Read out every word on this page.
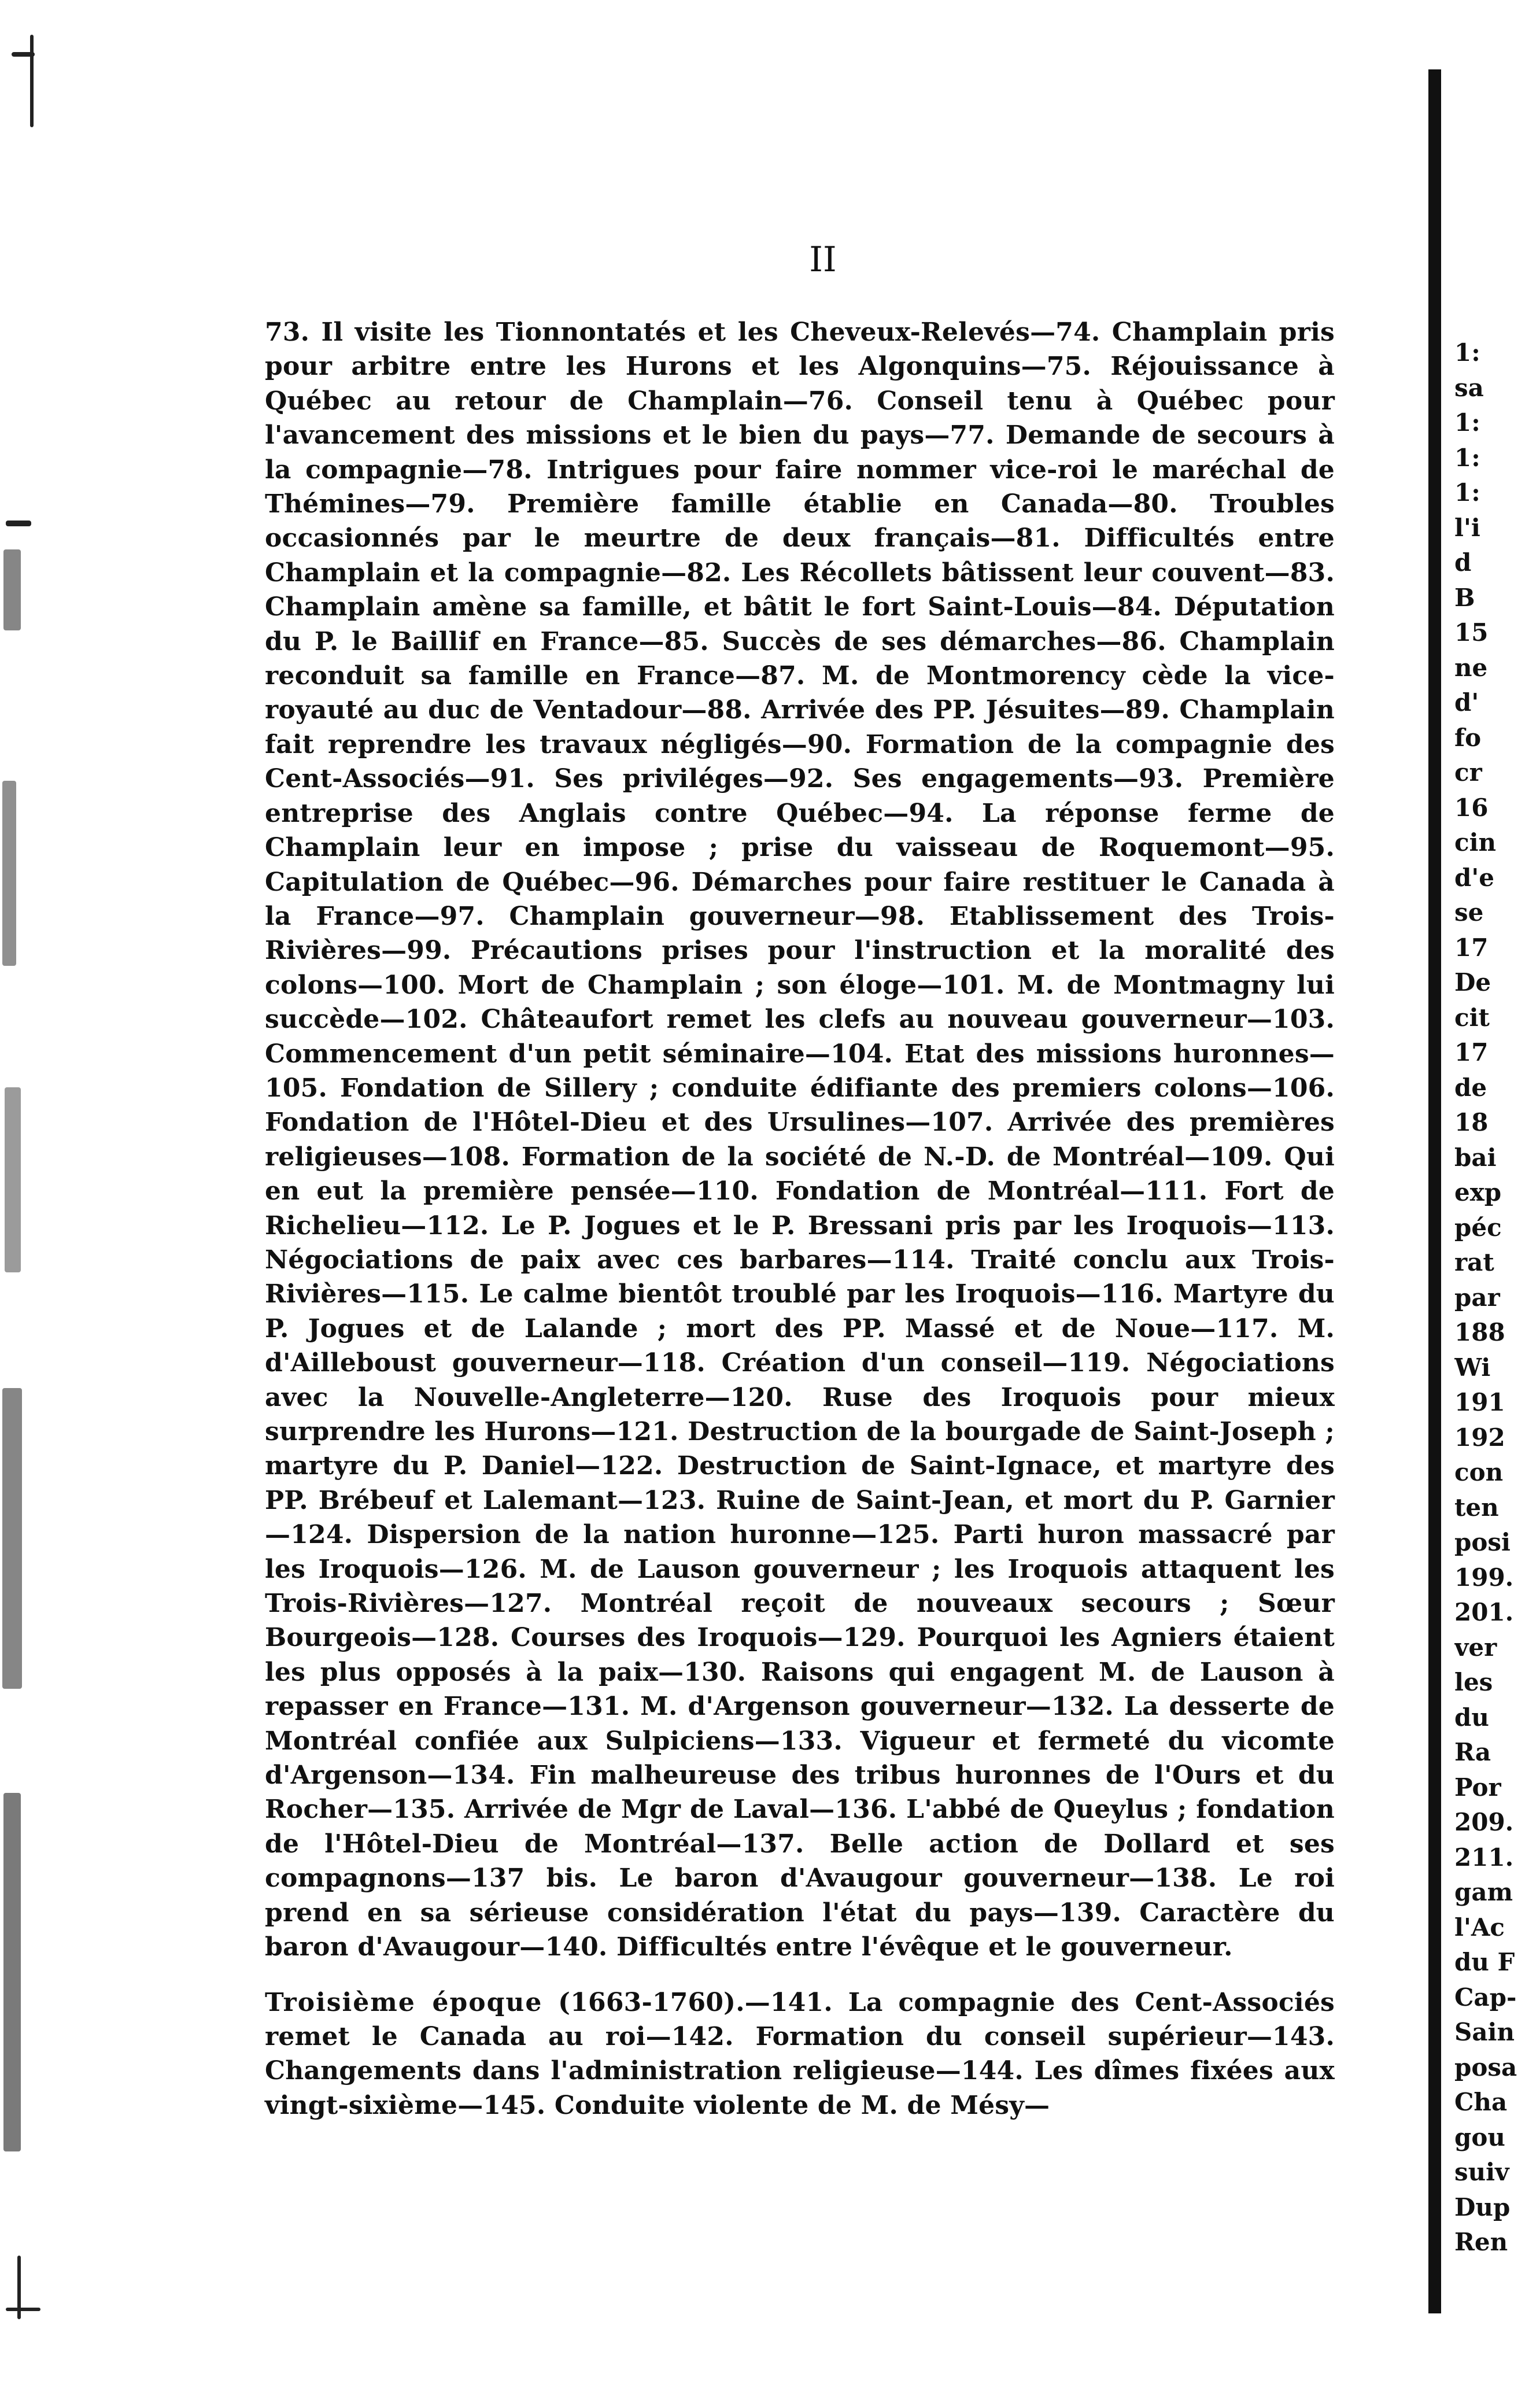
II

73. Il visite les Tionnontatés et les Cheveux-Relevés—74. Champlain pris pour arbitre entre les Hurons et les Algonquins—75. Réjouissance à Québec au retour de Champlain—76. Conseil tenu à Québec pour l'avancement des missions et le bien du pays—77. Demande de secours à la compagnie—78. Intrigues pour faire nommer vice-roi le maréchal de Thémines—79. Première famille établie en Canada—80. Troubles occasionnés par le meurtre de deux français—81. Difficultés entre Champlain et la compagnie—82. Les Récollets bâtissent leur couvent—83. Champlain amène sa famille, et bâtit le fort Saint-Louis—84. Députation du P. le Baillif en France—85. Succès de ses démarches—86. Champlain reconduit sa famille en France—87. M. de Montmorency cède la vice-royauté au duc de Ventadour—88. Arrivée des PP. Jésuites—89. Champlain fait reprendre les travaux négligés—90. Formation de la compagnie des Cent-Associés—91. Ses priviléges—92. Ses engagements—93. Première entreprise des Anglais contre Québec—94. La réponse ferme de Champlain leur en impose ; prise du vaisseau de Roquemont—95. Capitulation de Québec—96. Démarches pour faire restituer le Canada à la France—97. Champlain gouverneur—98. Etablissement des Trois-Rivières—99. Précautions prises pour l'instruction et la moralité des colons—100. Mort de Champlain ; son éloge—101. M. de Montmagny lui succède—102. Châteaufort remet les clefs au nouveau gouverneur—103. Commencement d'un petit séminaire—104. Etat des missions huronnes—105. Fondation de Sillery ; conduite édifiante des premiers colons—106. Fondation de l'Hôtel-Dieu et des Ursulines—107. Arrivée des premières religieuses—108. Formation de la société de N.-D. de Montréal—109. Qui en eut la première pensée—110. Fondation de Montréal—111. Fort de Richelieu—112. Le P. Jogues et le P. Bressani pris par les Iroquois—113. Négociations de paix avec ces barbares—114. Traité conclu aux Trois-Rivières—115. Le calme bientôt troublé par les Iroquois—116. Martyre du P. Jogues et de Lalande ; mort des PP. Massé et de Noue—117. M. d'Ailleboust gouverneur—118. Création d'un conseil—119. Négociations avec la Nouvelle-Angleterre—120. Ruse des Iroquois pour mieux surprendre les Hurons—121. Destruction de la bourgade de Saint-Joseph ; martyre du P. Daniel—122. Destruction de Saint-Ignace, et martyre des PP. Brébeuf et Lalemant—123. Ruine de Saint-Jean, et mort du P. Garnier—124. Dispersion de la nation huronne—125. Parti huron massacré par les Iroquois—126. M. de Lauson gouverneur ; les Iroquois attaquent les Trois-Rivières—127. Montréal reçoit de nouveaux secours ; Sœur Bourgeois—128. Courses des Iroquois—129. Pourquoi les Agniers étaient les plus opposés à la paix—130. Raisons qui engagent M. de Lauson à repasser en France—131. M. d'Argenson gouverneur—132. La desserte de Montréal confiée aux Sulpiciens—133. Vigueur et fermeté du vicomte d'Argenson—134. Fin malheureuse des tribus huronnes de l'Ours et du Rocher—135. Arrivée de Mgr de Laval—136. L'abbé de Queylus ; fondation de l'Hôtel-Dieu de Montréal—137. Belle action de Dollard et ses compagnons—137 bis. Le baron d'Avaugour gouverneur—138. Le roi prend en sa sérieuse considération l'état du pays—139. Caractère du baron d'Avaugour—140. Difficultés entre l'évêque et le gouverneur.

Troisième époque (1663-1760).—141. La compagnie des Cent-Associés remet le Canada au roi—142. Formation du conseil supérieur—143. Changements dans l'administration religieuse—144. Les dîmes fixées aux vingt-sixième—145. Conduite violente de M. de Mésy—

1:
sa
1:
1:
1:
l'i
d
B
15
ne
d'
fo
cr
16
cin
d'e
se
17
De
cit
17
de
18
bai
exp
péc
rat
par
188
Wi
191
192
con
ten
posi
199.
201.
ver
les
du
Ra
Por
209.
211.
gam
l'Ac
du F
Cap-
Sain
posa
Cha
gou
suiv
Dup
Ren
